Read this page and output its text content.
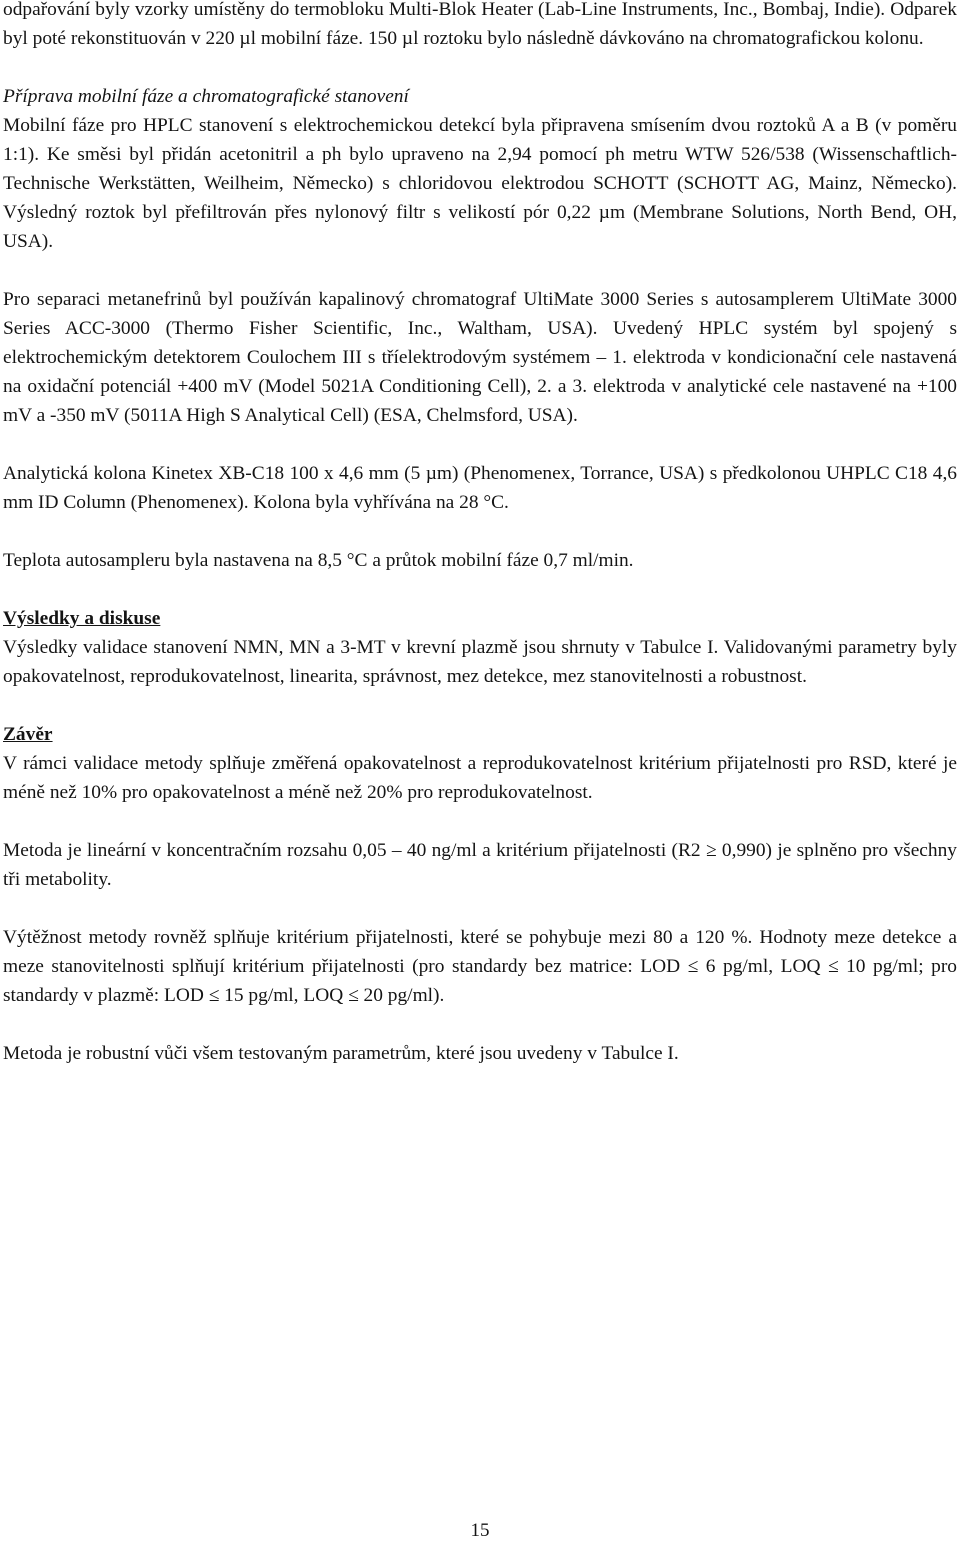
odpařování byly vzorky umístěny do termobloku Multi-Blok Heater (Lab-Line Instruments, Inc., Bombaj, Indie). Odparek byl poté rekonstituován v 220 µl mobilní fáze. 150 µl roztoku bylo následně dávkováno na chromatografickou kolonu.

Příprava mobilní fáze a chromatografické stanovení

Mobilní fáze pro HPLC stanovení s elektrochemickou detekcí byla připravena smísením dvou roztoků A a B (v poměru 1:1). Ke směsi byl přidán acetonitril a ph bylo upraveno na 2,94 pomocí ph metru WTW 526/538 (Wissenschaftlich-Technische Werkstätten, Weilheim, Německo) s chloridovou elektrodou SCHOTT (SCHOTT AG, Mainz, Německo). Výsledný roztok byl přefiltrován přes nylonový filtr s velikostí pór 0,22 µm (Membrane Solutions, North Bend, OH, USA).

Pro separaci metanefrinů byl používán kapalinový chromatograf UltiMate 3000 Series s autosamplerem UltiMate 3000 Series ACC-3000 (Thermo Fisher Scientific, Inc., Waltham, USA). Uvedený HPLC systém byl spojený s elektrochemickým detektorem Coulochem III s tříelektrodovým systémem – 1. elektroda v kondicionační cele nastavená na oxidační potenciál +400 mV (Model 5021A Conditioning Cell), 2. a 3. elektroda v analytické cele nastavené na +100 mV a -350 mV (5011A High S Analytical Cell) (ESA, Chelmsford, USA).

Analytická kolona Kinetex XB-C18 100 x 4,6 mm (5 µm) (Phenomenex, Torrance, USA) s předkolonou UHPLC C18 4,6 mm ID Column (Phenomenex). Kolona byla vyhřívána na 28 °C.

Teplota autosampleru byla nastavena na 8,5 °C a průtok mobilní fáze 0,7 ml/min.

Výsledky a diskuse

Výsledky validace stanovení NMN, MN a 3-MT v krevní plazmě jsou shrnuty v Tabulce I. Validovanými parametry byly opakovatelnost, reprodukovatelnost, linearita, správnost, mez detekce, mez stanovitelnosti a robustnost.

Závěr

V rámci validace metody splňuje změřená opakovatelnost a reprodukovatelnost kritérium přijatelnosti pro RSD, které je méně než 10% pro opakovatelnost a méně než 20% pro reprodukovatelnost.

Metoda je lineární v koncentračním rozsahu 0,05 – 40 ng/ml a kritérium přijatelnosti (R2 ≥ 0,990) je splněno pro všechny tři metabolity.

Výtěžnost metody rovněž splňuje kritérium přijatelnosti, které se pohybuje mezi 80 a 120 %. Hodnoty meze detekce a meze stanovitelnosti splňují kritérium přijatelnosti (pro standardy bez matrice: LOD ≤ 6 pg/ml, LOQ ≤ 10 pg/ml; pro standardy v plazmě: LOD ≤ 15 pg/ml, LOQ ≤ 20 pg/ml).

Metoda je robustní vůči všem testovaným parametrům, které jsou uvedeny v Tabulce I.

15
